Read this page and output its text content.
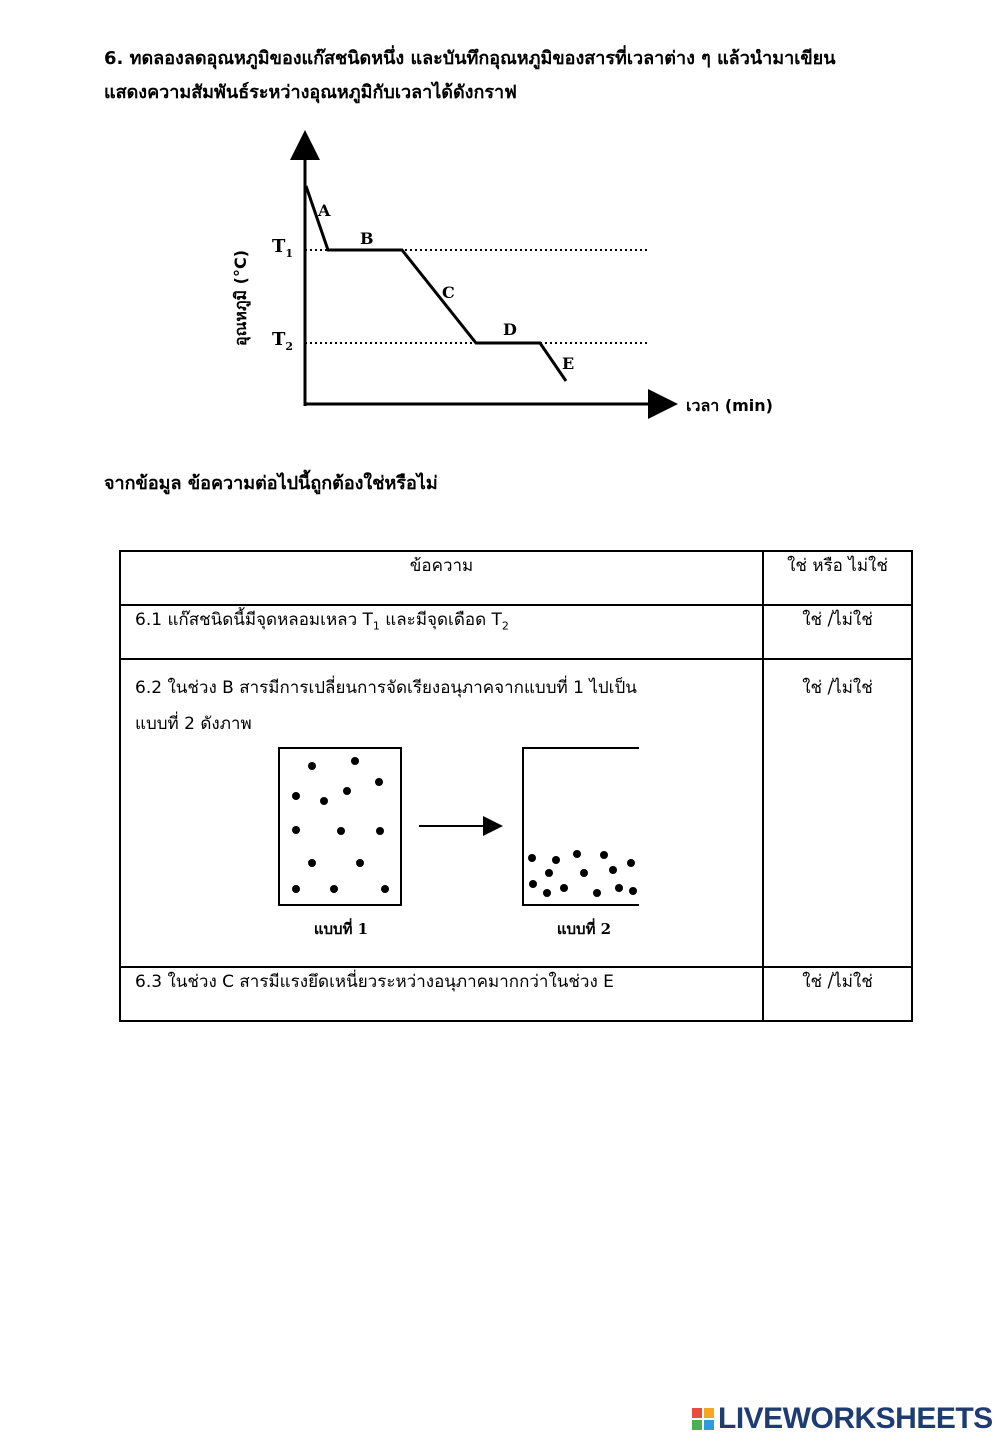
6. ทดลองลดอุณหภูมิของแก๊สชนิดหนึ่ง และบันทึกอุณหภูมิของสารที่เวลาต่าง ๆ แล้วนำมาเขียน
แสดงความสัมพันธ์ระหว่างอุณหภูมิกับเวลาได้ดังกราฟ
A
B
C
D
E
$T_1$
$T_2$
อุณหภูมิ (°C)
เวลา (min)
จากข้อมูล ข้อความต่อไปนี้ถูกต้องใช่หรือไม่
ข้อความ	ใช่ หรือ ไม่ใช่
6.1 แก๊สชนิดนี้มีจุดหลอมเหลว $T_1$ และมีจุดเดือด $T_2$	ใช่ /ไม่ใช่

6.2 ในช่วง B สารมีการเปลี่ยนการจัดเรียงอนุภาคจากแบบที่ 1 ไปเป็น
แบบที่ 2 ดังภาพ
แบบที่ 1 แบบที่ 2	ใช่ /ไม่ใช่
6.3 ในช่วง C สารมีแรงยึดเหนี่ยวระหว่างอนุภาคมากกว่าในช่วง E	ใช่ /ไม่ใช่
LIVEWORKSHEETS
